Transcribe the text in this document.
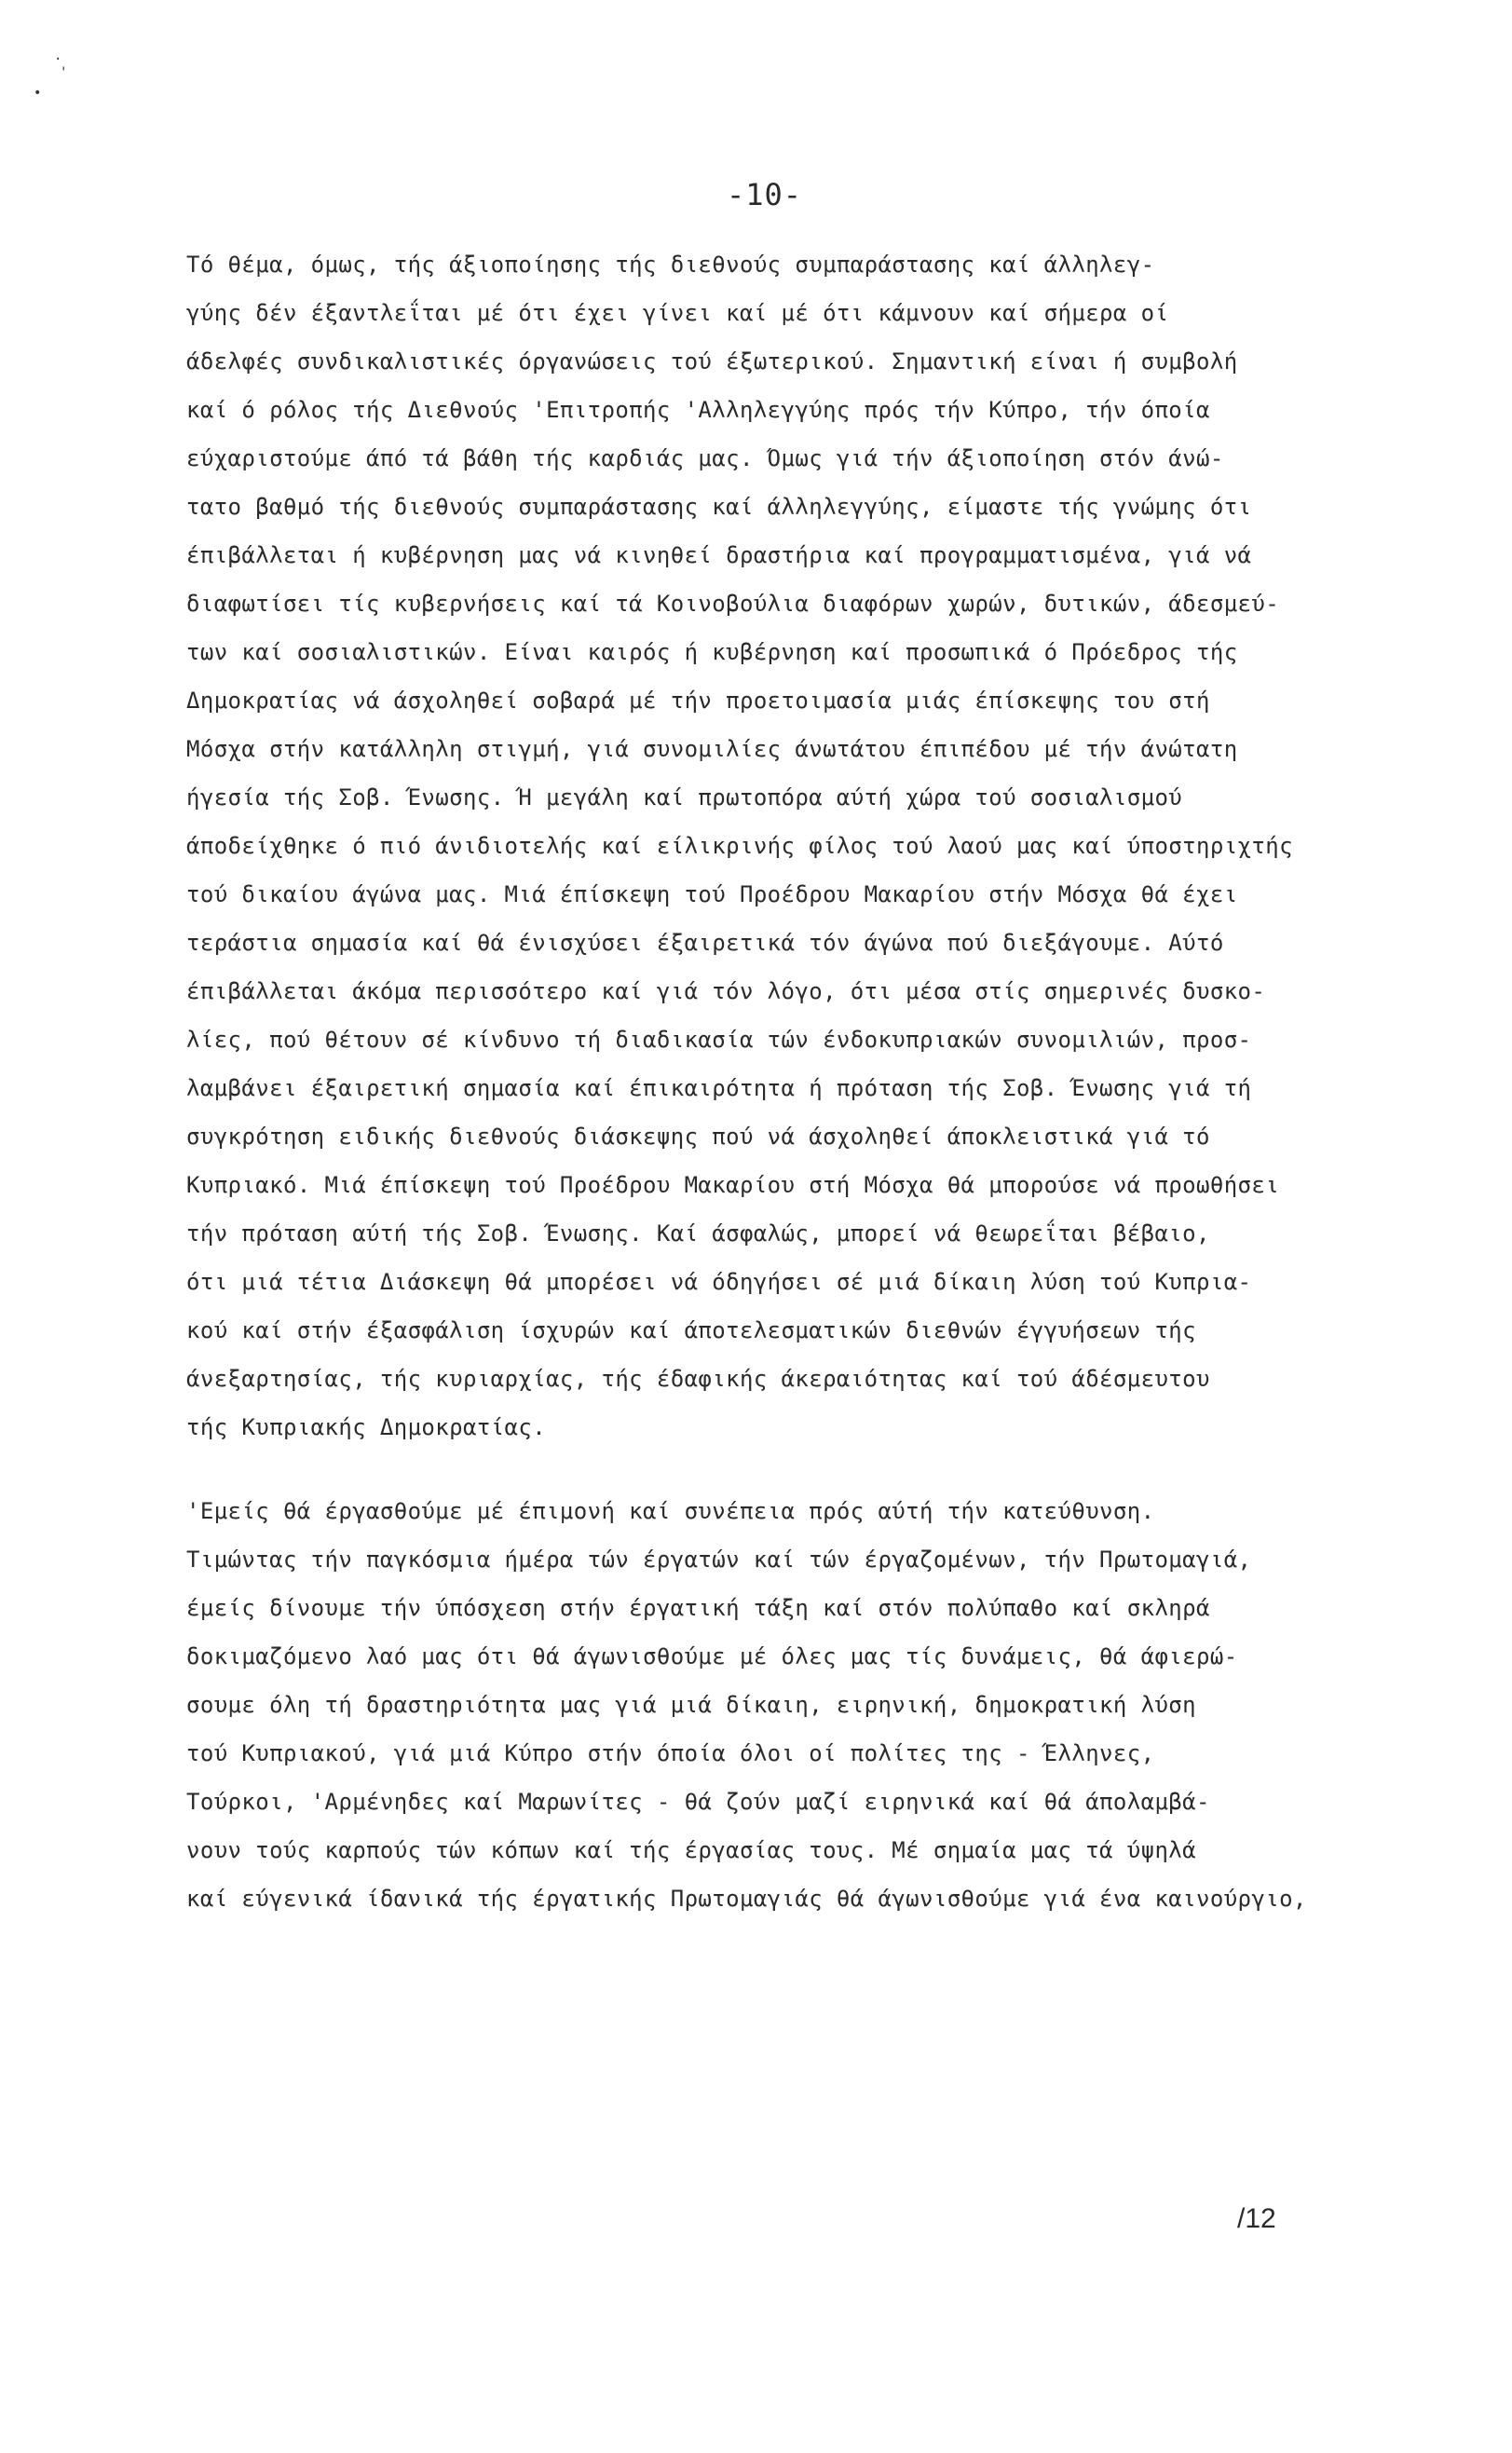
.
'
•
-10-
Τό θέμα, όμως, τής άξιοποίησης τής διεθνούς συμπαράστασης καί άλληλεγ-
γύης δέν έξαντλεΐται μέ ότι έχει γίνει καί μέ ότι κάμνουν καί σήμερα οί
άδελφές συνδικαλιστικές όργανώσεις τού έξωτερικού. Σημαντική είναι ή συμβολή
καί ό ρόλος τής Διεθνούς 'Επιτροπής 'Αλληλεγγύης πρός τήν Κύπρο, τήν όποία
εύχαριστούμε άπό τά βάθη τής καρδιάς μας. Όμως γιά τήν άξιοποίηση στόν άνώ-
τατο βαθμό τής διεθνούς συμπαράστασης καί άλληλεγγύης, είμαστε τής γνώμης ότι
έπιβάλλεται ή κυβέρνηση μας νά κινηθεί δραστήρια καί προγραμματισμένα, γιά νά
διαφωτίσει τίς κυβερνήσεις καί τά Κοινοβούλια διαφόρων χωρών, δυτικών, άδεσμεύ-
των καί σοσιαλιστικών. Είναι καιρός ή κυβέρνηση καί προσωπικά ό Πρόεδρος τής
Δημοκρατίας νά άσχοληθεί σοβαρά μέ τήν προετοιμασία μιάς έπίσκεψης του στή
Μόσχα στήν κατάλληλη στιγμή, γιά συνομιλίες άνωτάτου έπιπέδου μέ τήν άνώτατη
ήγεσία τής Σοβ. Ένωσης. Ή μεγάλη καί πρωτοπόρα αύτή χώρα τού σοσιαλισμού
άποδείχθηκε ό πιό άνιδιοτελής καί είλικρινής φίλος τού λαού μας καί ύποστηριχτής
τού δικαίου άγώνα μας. Μιά έπίσκεψη τού Προέδρου Μακαρίου στήν Μόσχα θά έχει
τεράστια σημασία καί θά ένισχύσει έξαιρετικά τόν άγώνα πού διεξάγουμε. Αύτό
έπιβάλλεται άκόμα περισσότερο καί γιά τόν λόγο, ότι μέσα στίς σημερινές δυσκο-
λίες, πού θέτουν σέ κίνδυνο τή διαδικασία τών ένδοκυπριακών συνομιλιών, προσ-
λαμβάνει έξαιρετική σημασία καί έπικαιρότητα ή πρόταση τής Σοβ. Ένωσης γιά τή
συγκρότηση ειδικής διεθνούς διάσκεψης πού νά άσχοληθεί άποκλειστικά γιά τό
Κυπριακό. Μιά έπίσκεψη τού Προέδρου Μακαρίου στή Μόσχα θά μπορούσε νά προωθήσει
τήν πρόταση αύτή τής Σοβ. Ένωσης. Καί άσφαλώς, μπορεί νά θεωρεΐται βέβαιο,
ότι μιά τέτια Διάσκεψη θά μπορέσει νά όδηγήσει σέ μιά δίκαιη λύση τού Κυπρια-
κού καί στήν έξασφάλιση ίσχυρών καί άποτελεσματικών διεθνών έγγυήσεων τής
άνεξαρτησίας, τής κυριαρχίας, τής έδαφικής άκεραιότητας καί τού άδέσμευτου
τής Κυπριακής Δημοκρατίας.
'Εμείς θά έργασθούμε μέ έπιμονή καί συνέπεια πρός αύτή τήν κατεύθυνση.
Τιμώντας τήν παγκόσμια ήμέρα τών έργατών καί τών έργαζομένων, τήν Πρωτομαγιά,
έμείς δίνουμε τήν ύπόσχεση στήν έργατική τάξη καί στόν πολύπαθο καί σκληρά
δοκιμαζόμενο λαό μας ότι θά άγωνισθούμε μέ όλες μας τίς δυνάμεις, θά άφιερώ-
σουμε όλη τή δραστηριότητα μας γιά μιά δίκαιη, ειρηνική, δημοκρατική λύση
τού Κυπριακού, γιά μιά Κύπρο στήν όποία όλοι οί πολίτες της - Έλληνες,
Τούρκοι, 'Αρμένηδες καί Μαρωνίτες - θά ζούν μαζί ειρηνικά καί θά άπολαμβά-
νουν τούς καρπούς τών κόπων καί τής έργασίας τους. Μέ σημαία μας τά ύψηλά
καί εύγενικά ίδανικά τής έργατικής Πρωτομαγιάς θά άγωνισθούμε γιά ένα καινούργιο,
/12
